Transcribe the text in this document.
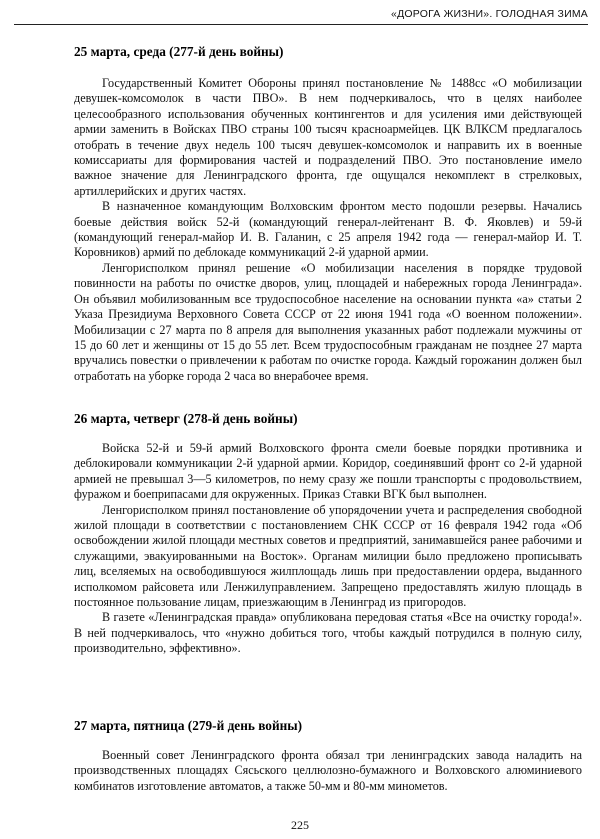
«ДОРОГА ЖИЗНИ». ГОЛОДНАЯ ЗИМА
25 марта, среда (277-й день войны)

Государственный Комитет Обороны принял постановление № 1488сс «О мобилизации девушек-комсомолок в части ПВО». В нем подчеркивалось, что в целях наиболее целесообразного использования обученных контингентов и для усиления ими действующей армии заменить в Войсках ПВО страны 100 тысяч красноармейцев. ЦК ВЛКСМ предлагалось отобрать в течение двух недель 100 тысяч девушек-комсомолок и направить их в военные комиссариаты для формирования частей и подразделений ПВО. Это постановление имело важное значение для Ленинградского фронта, где ощущался некомплект в стрелковых, артиллерийских и других частях.

В назначенное командующим Волховским фронтом место подошли резервы. Начались боевые действия войск 52-й (командующий генерал-лейтенант В. Ф. Яковлев) и 59-й (командующий генерал-майор И. В. Галанин, с 25 апреля 1942 года — генерал-майор И. Т. Коровников) армий по деблокаде коммуникаций 2-й ударной армии.

Ленгорисполком принял решение «О мобилизации населения в порядке трудовой повинности на работы по очистке дворов, улиц, площадей и набережных города Ленинграда». Он объявил мобилизованным все трудоспособное население на основании пункта «а» статьи 2 Указа Президиума Верховного Совета СССР от 22 июня 1941 года «О военном положении». Мобилизации с 27 марта по 8 апреля для выполнения указанных работ подлежали мужчины от 15 до 60 лет и женщины от 15 до 55 лет. Всем трудоспособным гражданам не позднее 27 марта вручались повестки о привлечении к работам по очистке города. Каждый горожанин должен был отработать на уборке города 2 часа во внерабочее время.

26 марта, четверг (278-й день войны)

Войска 52-й и 59-й армий Волховского фронта смели боевые порядки противника и деблокировали коммуникации 2-й ударной армии. Коридор, соединявший фронт со 2-й ударной армией не превышал 3—5 километров, по нему сразу же пошли транспорты с продовольствием, фуражом и боеприпасами для окруженных. Приказ Ставки ВГК был выполнен.

Ленгорисполком принял постановление об упорядочении учета и распределения свободной жилой площади в соответствии с постановлением СНК СССР от 16 февраля 1942 года «Об освобождении жилой площади местных советов и предприятий, занимавшейся ранее рабочими и служащими, эвакуированными на Восток». Органам милиции было предложено прописывать лиц, вселяемых на освободившуюся жилплощадь лишь при предоставлении ордера, выданного исполкомом райсовета или Ленжилуправлением. Запрещено предоставлять жилую площадь в постоянное пользование лицам, приезжающим в Ленинград из пригородов.

В газете «Ленинградская правда» опубликована передовая статья «Все на очистку города!». В ней подчеркивалось, что «нужно добиться того, чтобы каждый потрудился в полную силу, производительно, эффективно».

27 марта, пятница (279-й день войны)

Военный совет Ленинградского фронта обязал три ленинградских завода наладить на производственных площадях Сясьского целлюлозно-бумажного и Волховского алюминиевого комбинатов изготовление автоматов, а также 50-мм и 80-мм минометов.

225
